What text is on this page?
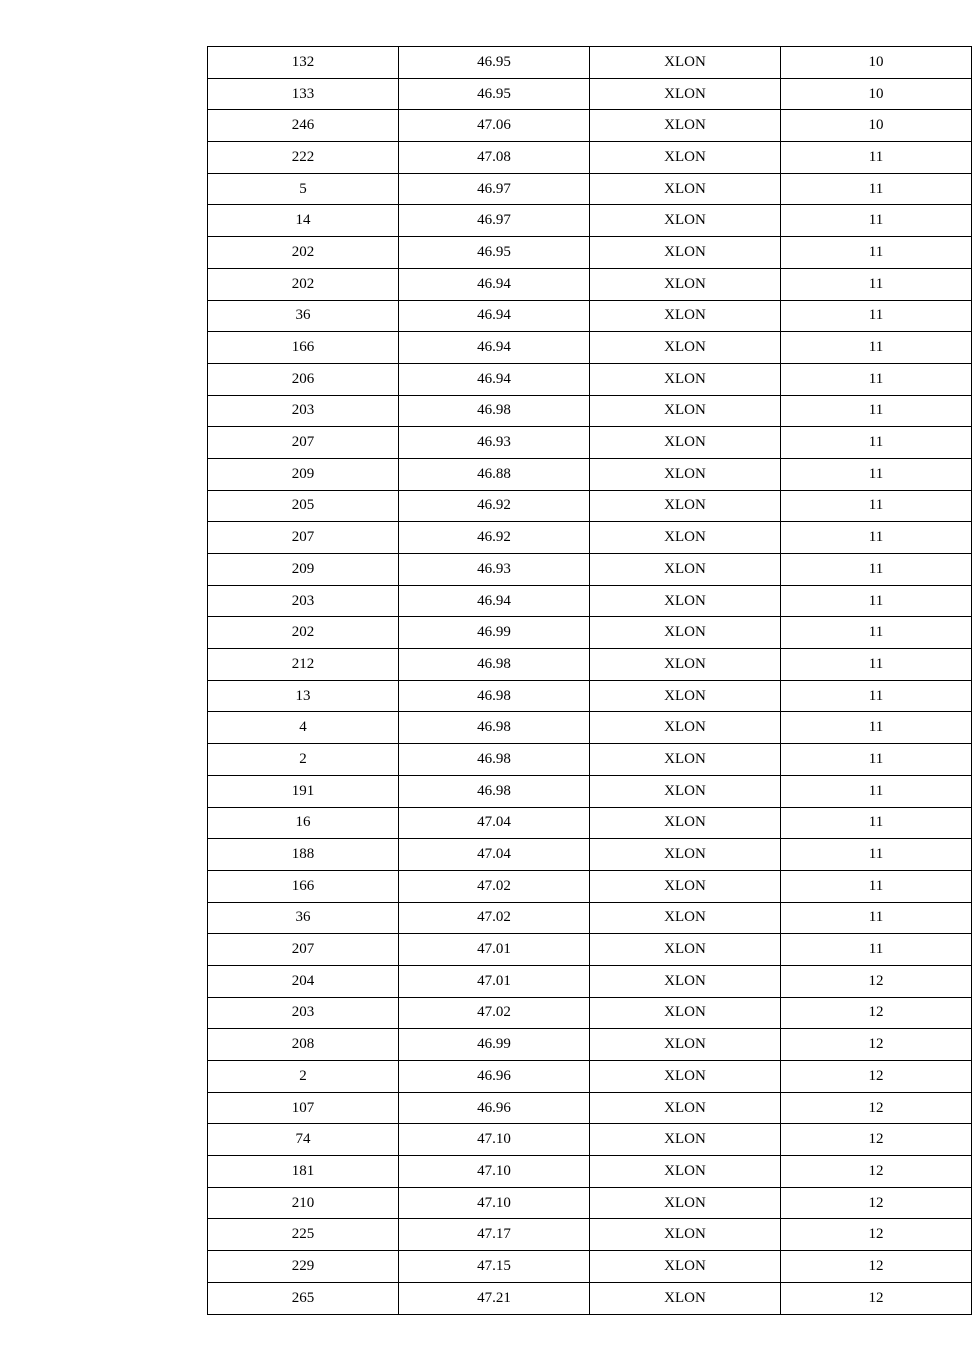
132	46.95	XLON	10
133	46.95	XLON	10
246	47.06	XLON	10
222	47.08	XLON	11
5	46.97	XLON	11
14	46.97	XLON	11
202	46.95	XLON	11
202	46.94	XLON	11
36	46.94	XLON	11
166	46.94	XLON	11
206	46.94	XLON	11
203	46.98	XLON	11
207	46.93	XLON	11
209	46.88	XLON	11
205	46.92	XLON	11
207	46.92	XLON	11
209	46.93	XLON	11
203	46.94	XLON	11
202	46.99	XLON	11
212	46.98	XLON	11
13	46.98	XLON	11
4	46.98	XLON	11
2	46.98	XLON	11
191	46.98	XLON	11
16	47.04	XLON	11
188	47.04	XLON	11
166	47.02	XLON	11
36	47.02	XLON	11
207	47.01	XLON	11
204	47.01	XLON	12
203	47.02	XLON	12
208	46.99	XLON	12
2	46.96	XLON	12
107	46.96	XLON	12
74	47.10	XLON	12
181	47.10	XLON	12
210	47.10	XLON	12
225	47.17	XLON	12
229	47.15	XLON	12
265	47.21	XLON	12
